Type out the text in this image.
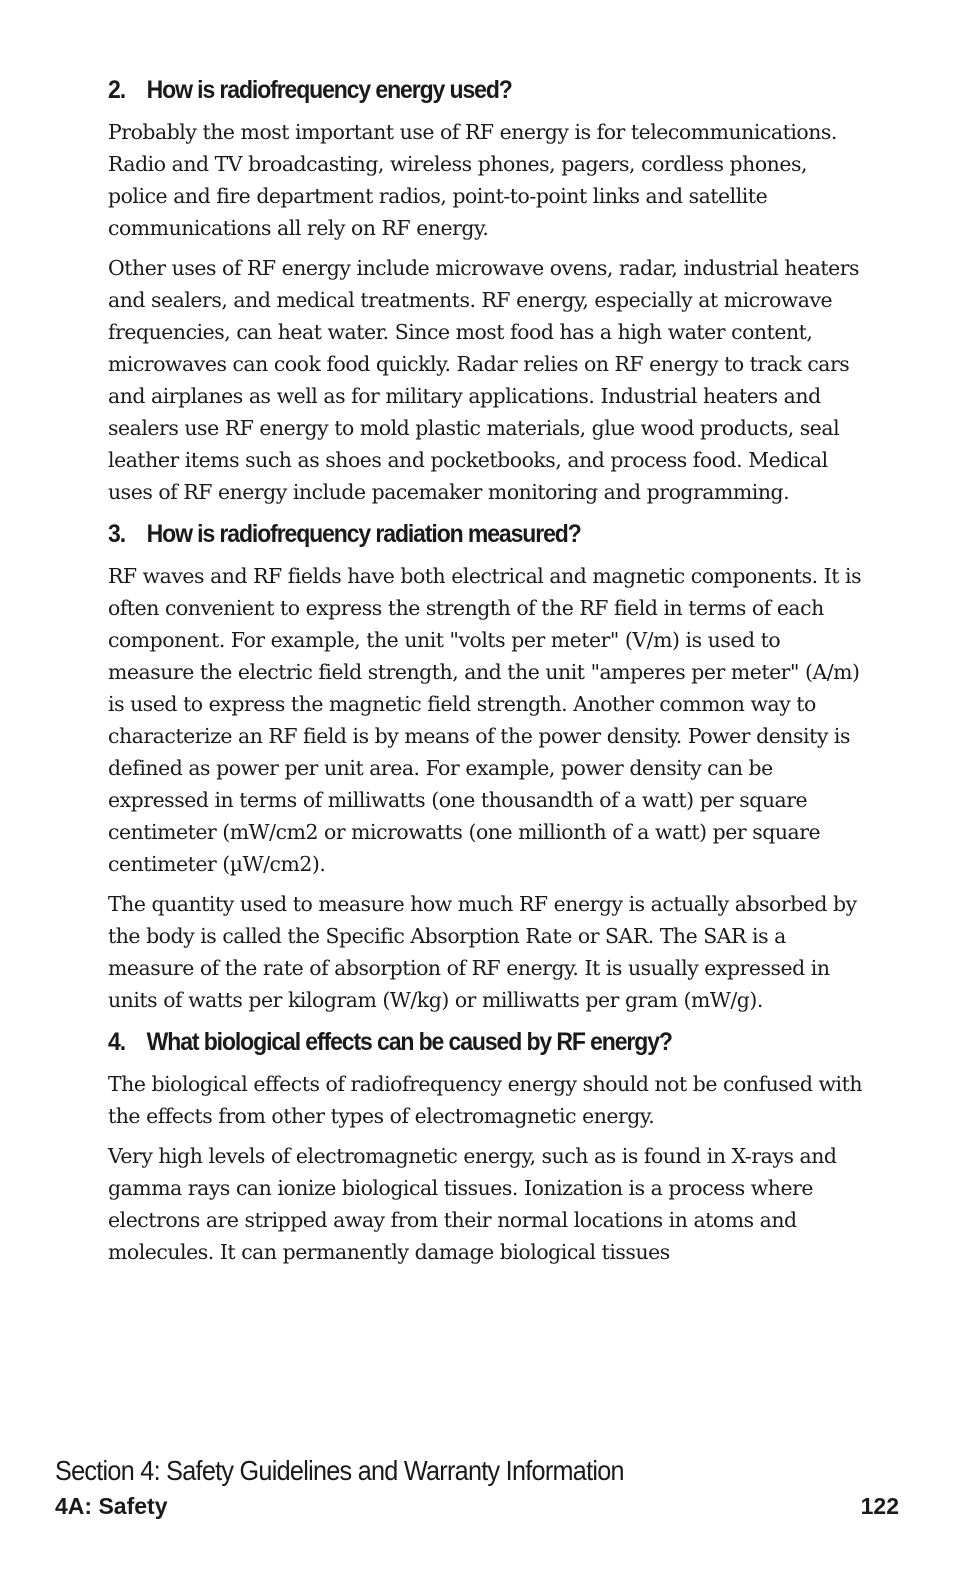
2. How is radiofrequency energy used?

Probably the most important use of RF energy is for telecommunications. Radio and TV broadcasting, wireless phones, pagers, cordless phones, police and fire department radios, point-to-point links and satellite communications all rely on RF energy.

Other uses of RF energy include microwave ovens, radar, industrial heaters and sealers, and medical treatments. RF energy, especially at microwave frequencies, can heat water. Since most food has a high water content, microwaves can cook food quickly. Radar relies on RF energy to track cars and airplanes as well as for military applications. Industrial heaters and sealers use RF energy to mold plastic materials, glue wood products, seal leather items such as shoes and pocketbooks, and process food. Medical uses of RF energy include pacemaker monitoring and programming.

3. How is radiofrequency radiation measured?

RF waves and RF fields have both electrical and magnetic components. It is often convenient to express the strength of the RF field in terms of each component. For example, the unit "volts per meter" (V/m) is used to measure the electric field strength, and the unit "amperes per meter" (A/m) is used to express the magnetic field strength. Another common way to characterize an RF field is by means of the power density. Power density is defined as power per unit area. For example, power density can be expressed in terms of milliwatts (one thousandth of a watt) per square centimeter (mW/cm2 or microwatts (one millionth of a watt) per square centimeter (µW/cm2).

The quantity used to measure how much RF energy is actually absorbed by the body is called the Specific Absorption Rate or SAR. The SAR is a measure of the rate of absorption of RF energy. It is usually expressed in units of watts per kilogram (W/kg) or milliwatts per gram (mW/g).

4. What biological effects can be caused by RF energy?

The biological effects of radiofrequency energy should not be confused with the effects from other types of electromagnetic energy.

Very high levels of electromagnetic energy, such as is found in X-rays and gamma rays can ionize biological tissues. Ionization is a process where electrons are stripped away from their normal locations in atoms and molecules. It can permanently damage biological tissues

Section 4: Safety Guidelines and Warranty Information
4A: Safety	122
